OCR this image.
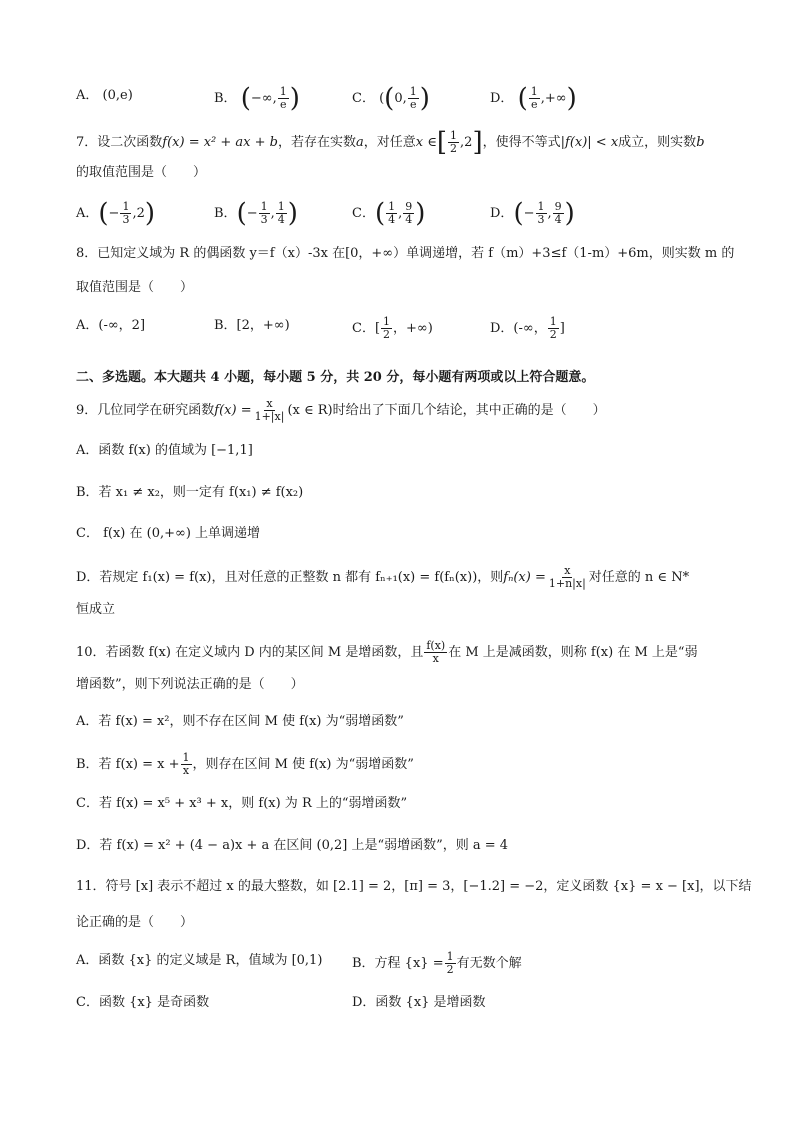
A． (0,e)	B． (−∞, $\frac{1}{e}$ )	C． ((0, $\frac{1}{e}$ )	D． ( $\frac{1}{e}$ ,+∞)
7．设二次函数f(x) = x² + ax + b，若存在实数a，对任意x ∈[ $\frac{1}{2} ,2$]，使得不等式|f(x)| < x成立，则实数b
的取值范围是（　　）
A．(− $\frac{1}{3} ,2$)	B．(− $\frac{1}{3}$ , $\frac{1}{4}$ )	C．( $\frac{1}{4}$ , $\frac{9}{4}$ )	D．(− $\frac{1}{3}$ , $\frac{9}{4}$ )
8．已知定义域为 R 的偶函数 y＝f（x）-3x 在[0，+∞）单调递增，若 f（m）+3≤f（1-m）+6m，则实数 m 的
取值范围是（　　）
A．(-∞，2]	B．[2，+∞)	C．[ $\frac{1}{2}$ ，+∞)	D．(-∞， $\frac{1}{2}$ ]
二、多选题。本大题共 4 小题，每小题 5 分，共 20 分，每小题有两项或以上符合题意。
9．几位同学在研究函数$f(x) = \frac{x}{1+|x|} (x$ ∈ R)时给出了下面几个结论，其中正确的是（　　）
A．函数 f(x) 的值域为 [−1,1]
B．若 x₁ ≠ x₂，则一定有 f(x₁) ≠ f(x₂)
C． f(x) 在 (0,+∞) 上单调递增
D．若规定 f₁(x) = f(x)，且对任意的正整数 n 都有 fₙ₊₁(x) = f(fₙ(x))，则$f_n(x) = \frac{x}{1+n|x|}$ 对任意的 n ∈ N*
恒成立
10．若函数 f(x) 在定义域内 D 内的某区间 M 是增函数，且 $\frac{f(x)}{x}$ 在 M 上是减函数，则称 f(x) 在 M 上是“弱
增函数”，则下列说法正确的是（　　）
A．若 f(x) = x²，则不存在区间 M 使 f(x) 为“弱增函数”
B．若 $f(x) = x + \frac{1}{x}$ ，则存在区间 M 使 f(x) 为“弱增函数”
C．若 f(x) = x⁵ + x³ + x，则 f(x) 为 R 上的“弱增函数”
D．若 f(x) = x² + (4 − a)x + a 在区间 (0,2] 上是“弱增函数”，则 a = 4
11．符号 [x] 表示不超过 x 的最大整数，如 [2.1] = 2，[π] = 3，[−1.2] = −2，定义函数 {x} = x − [x]，以下结
论正确的是（　　）
A．函数 {x} 的定义域是 R，值域为 [0,1) B．方程 $\{x\} = \frac{1}{2}$ 有无数个解
C．函数 {x} 是奇函数	D．函数 {x} 是增函数
